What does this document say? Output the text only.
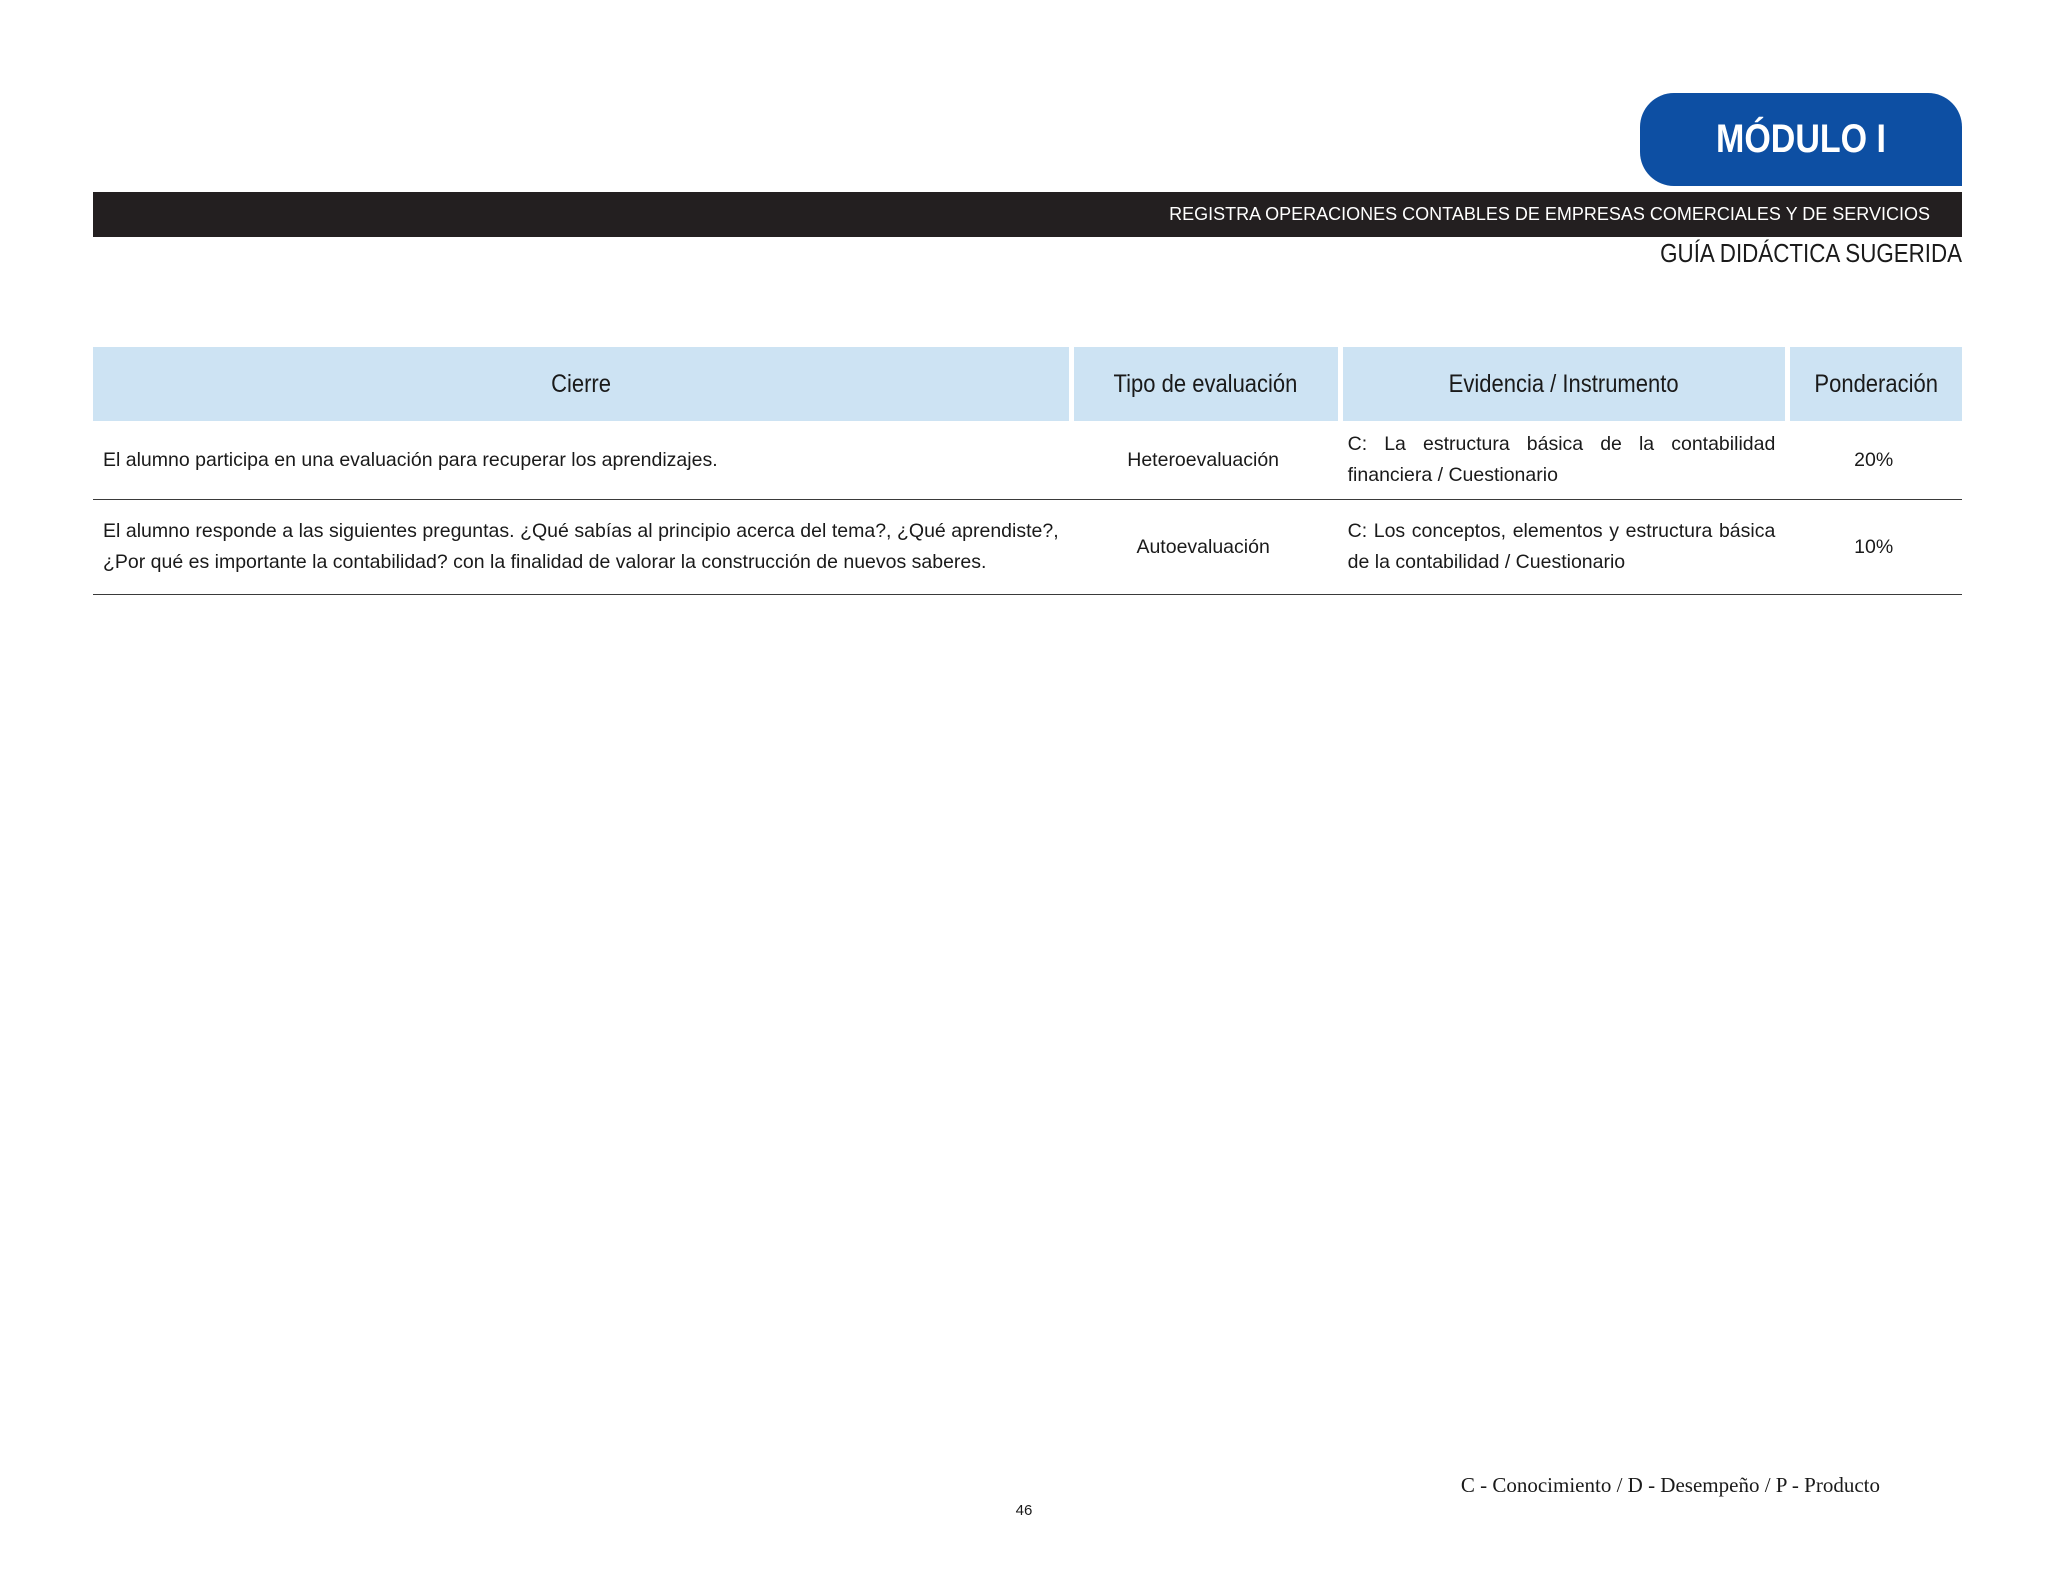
MÓDULO I
REGISTRA OPERACIONES CONTABLES DE EMPRESAS COMERCIALES Y DE SERVICIOS
GUÍA DIDÁCTICA SUGERIDA
Cierre	Tipo de evaluación	Evidencia / Instrumento	Ponderación
El alumno participa en una evaluación para recuperar los aprendizajes.	Heteroevaluación	C: La estructura básica de la contabilidad financiera / Cuestionario	20%
El alumno responde a las siguientes preguntas. ¿Qué sabías al principio acerca del tema?, ¿Qué aprendiste?, ¿Por qué es importante la contabilidad? con la finalidad de valorar la construcción de nuevos saberes.	Autoevaluación	C: Los conceptos, elementos y estructura básica de la contabilidad / Cuestionario	10%
C - Conocimiento / D - Desempeño / P - Producto
46
